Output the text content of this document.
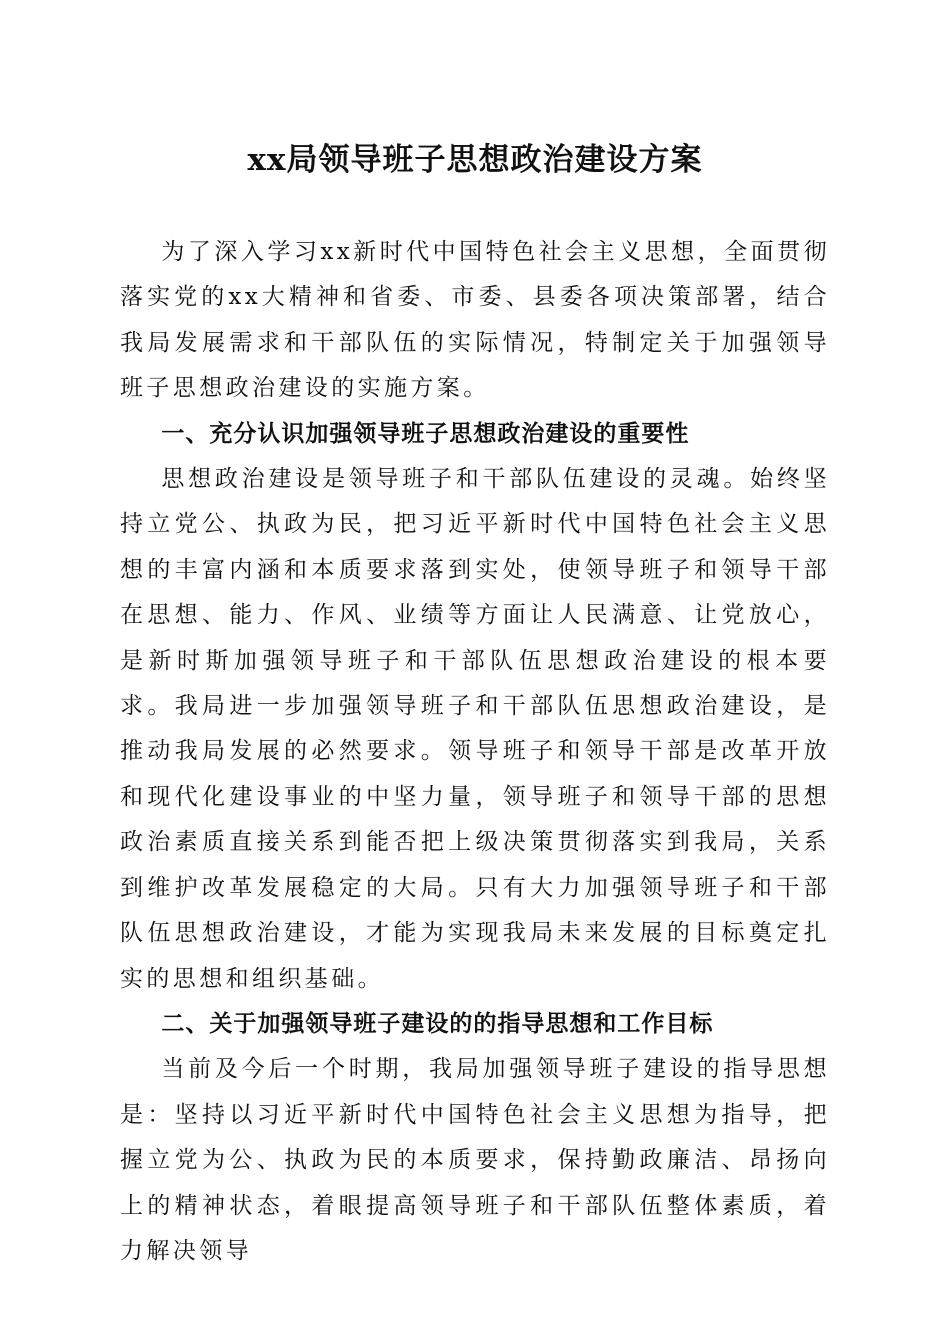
xx局领导班子思想政治建设方案

为了深入学习xx新时代中国特色社会主义思想，全面贯彻落实党的xx大精神和省委、市委、县委各项决策部署，结合我局发展需求和干部队伍的实际情况，特制定关于加强领导班子思想政治建设的实施方案。

一、充分认识加强领导班子思想政治建设的重要性

思想政治建设是领导班子和干部队伍建设的灵魂。始终坚持立党公、执政为民，把习近平新时代中国特色社会主义思想的丰富内涵和本质要求落到实处，使领导班子和领导干部在思想、能力、作风、业绩等方面让人民满意、让党放心，是新时斯加强领导班子和干部队伍思想政治建设的根本要求。我局进一步加强领导班子和干部队伍思想政治建设，是推动我局发展的必然要求。领导班子和领导干部是改革开放和现代化建设事业的中坚力量，领导班子和领导干部的思想政治素质直接关系到能否把上级决策贯彻落实到我局，关系到维护改革发展稳定的大局。只有大力加强领导班子和干部队伍思想政治建设，才能为实现我局未来发展的目标奠定扎实的思想和组织基础。

二、关于加强领导班子建设的的指导思想和工作目标

当前及今后一个时期，我局加强领导班子建设的指导思想是：坚持以习近平新时代中国特色社会主义思想为指导，把握立党为公、执政为民的本质要求，保持勤政廉洁、昂扬向上的精神状态，着眼提高领导班子和干部队伍整体素质，着力解决领导
